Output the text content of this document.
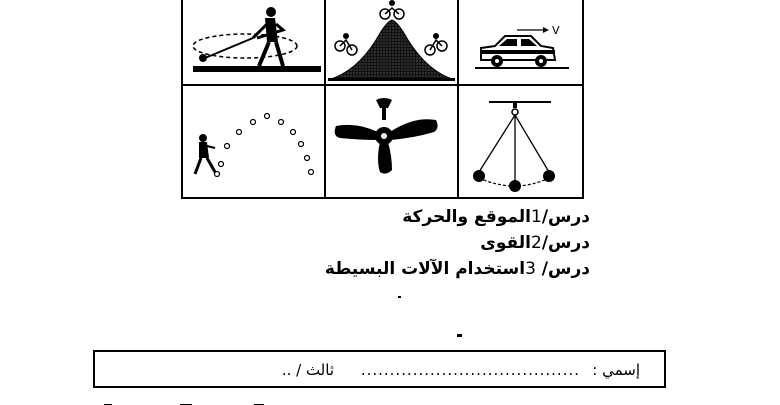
V
درس/1الموقع والحركة
درس/2القوى
درس/ 3استخدام الآلات البسيطة
إسمي :
......................................
ثالث / ..
